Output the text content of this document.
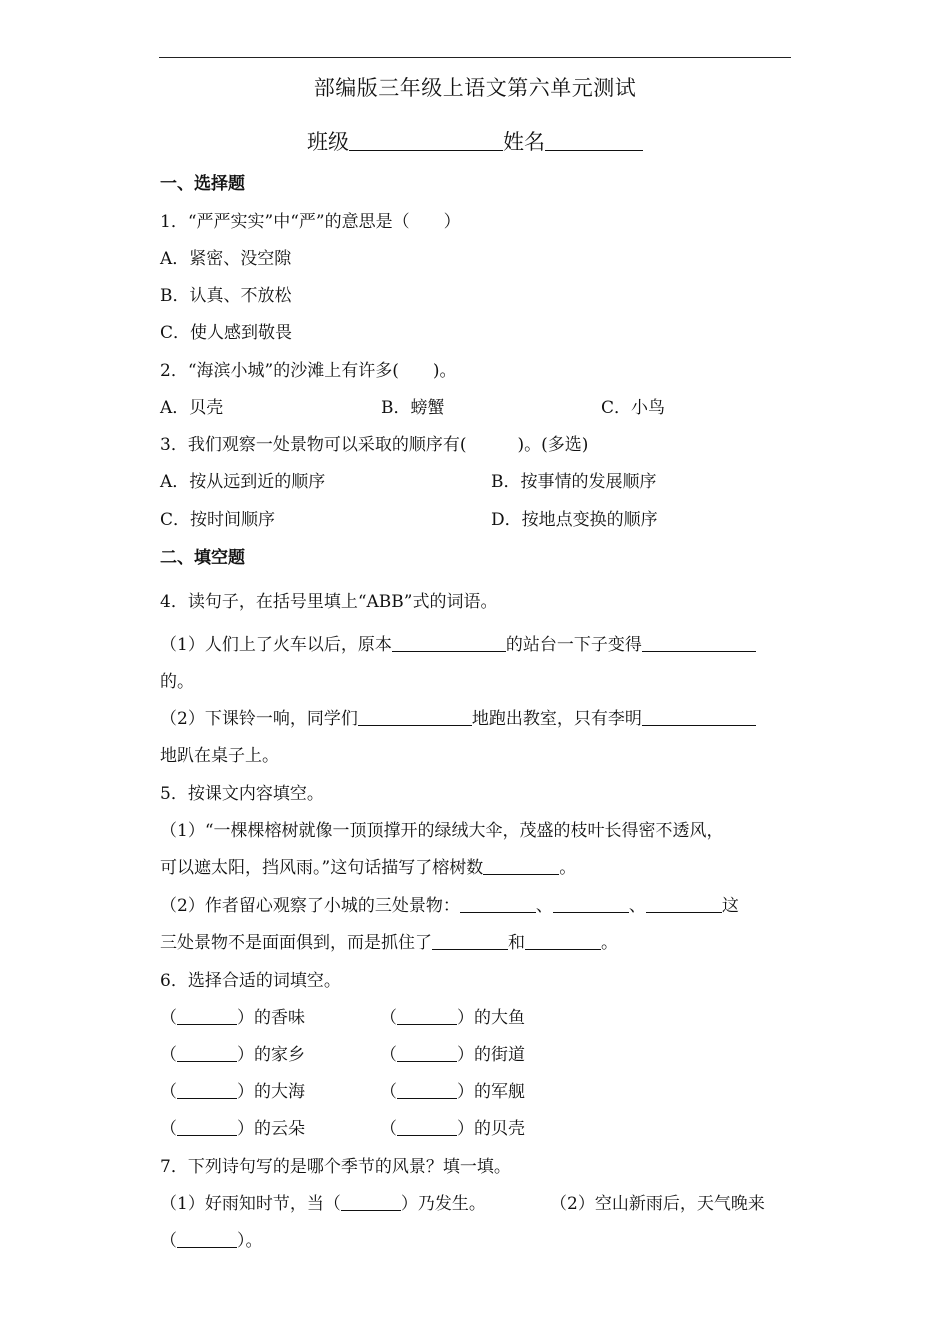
部编版三年级上语文第六单元测试
班级	姓名
一、选择题
1．“严严实实”中“严”的意思是（　　）
A．紧密、没空隙
B．认真、不放松
C．使人感到敬畏
2．“海滨小城”的沙滩上有许多(　　)。
A．贝壳	B．螃蟹	C．小鸟
3．我们观察一处景物可以采取的顺序有(　　　)。(多选)
A．按从远到近的顺序	B．按事情的发展顺序
C．按时间顺序	D．按地点变换的顺序
二、填空题
4．读句子，在括号里填上“ABB”式的词语。
（1）人们上了火车以后，原本	的站台一下子变得
的。
（2）下课铃一响，同学们	地跑出教室，只有李明
地趴在桌子上。
5．按课文内容填空。
（1）“一棵棵榕树就像一顶顶撑开的绿绒大伞，茂盛的枝叶长得密不透风，
可以遮太阳，挡风雨。”这句话描写了榕树数	。
（2）作者留心观察了小城的三处景物：	、	、	这
三处景物不是面面俱到，而是抓住了	和	。
6．选择合适的词填空。
（	）的香味	（	）的大鱼
（	）的家乡	（	）的街道
（	）的大海	（	）的军舰
（	）的云朵	（	）的贝壳
7．下列诗句写的是哪个季节的风景？填一填。
（1）好雨知时节，当（	）乃发生。	（2）空山新雨后，天气晚来
（	）。
